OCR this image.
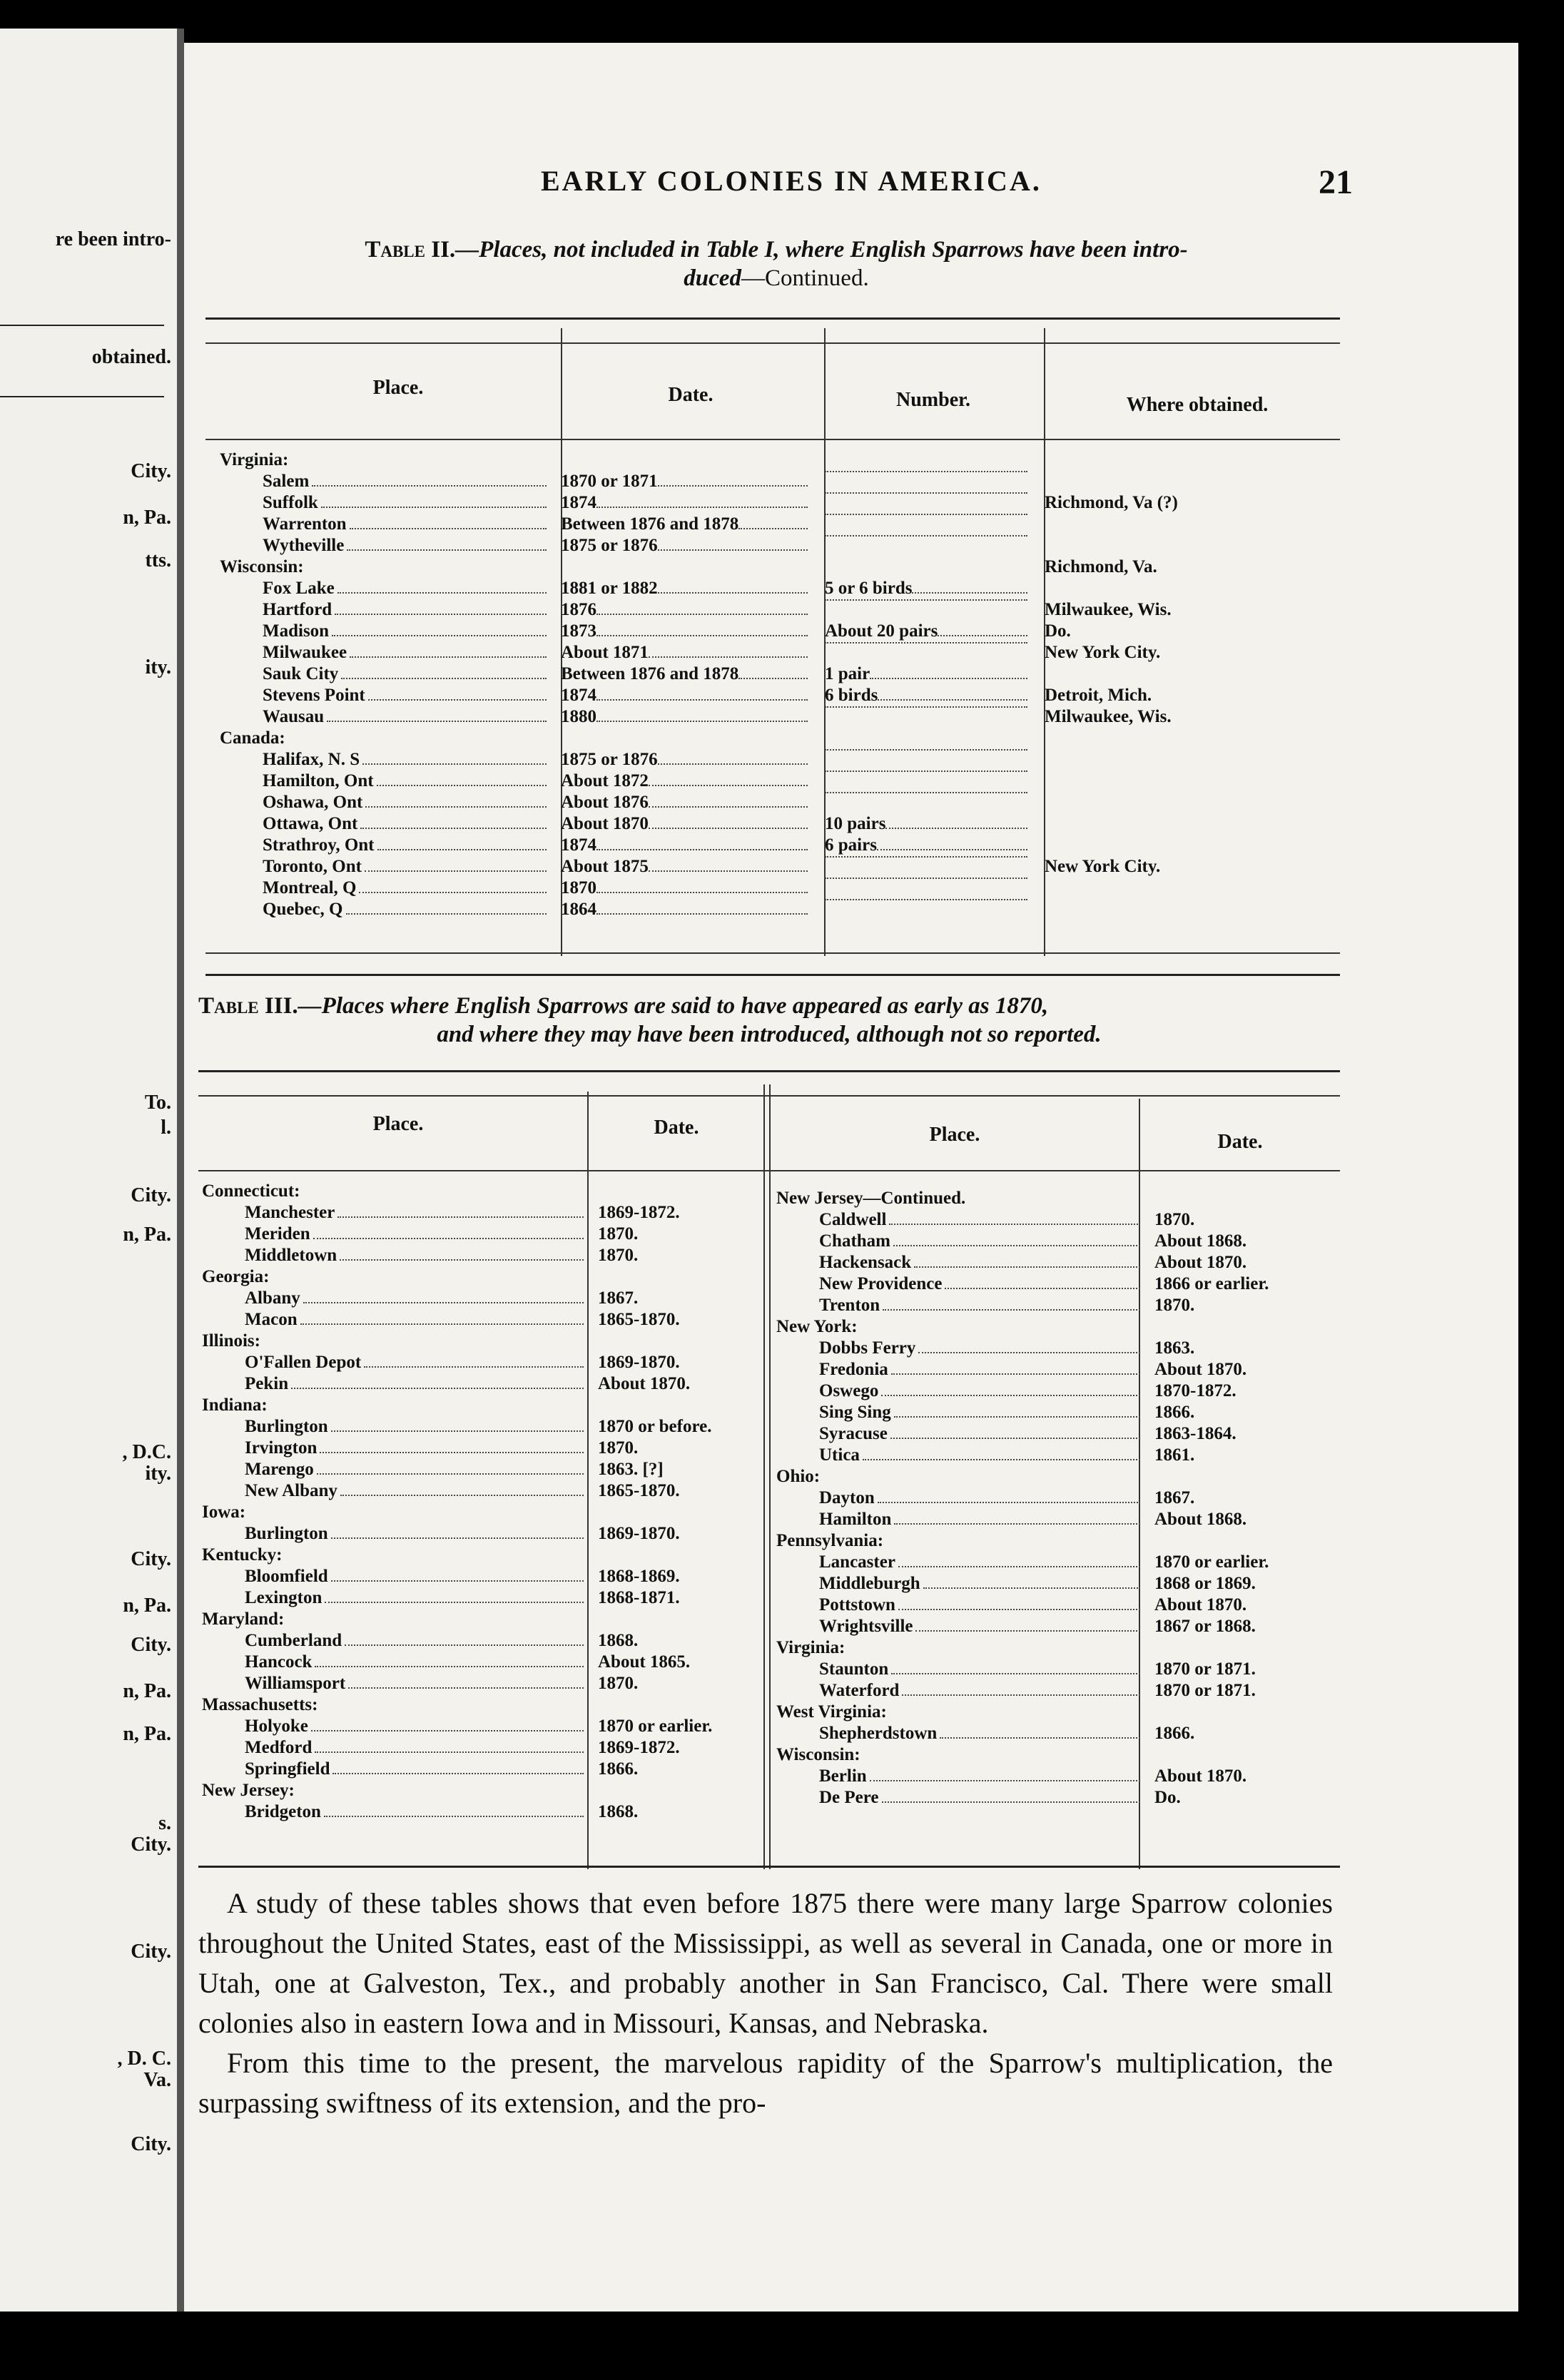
re been intro-
obtained.
City.
n, Pa.
tts.
ity.
To.
l.
City.
n, Pa.
, D.C.
ity.
City.
n, Pa.
City.
n, Pa.
n, Pa.
s.
City.
City.
, D. C.
Va.
City.
EARLY COLONIES IN AMERICA.	21
Table II.—Places, not included in Table I, where English Sparrows have been intro-
duced—Continued.
Place.	Date.	Number.	Where obtained.
Virginia:			

Salem	1870 or 1871		

Suffolk	1874		Richmond, Va (?)

Warrenton	Between 1876 and 1878		

Wytheville	1875 or 1876		

Wisconsin:			Richmond, Va.

Fox Lake	1881 or 1882	5 or 6 birds	

Hartford	1876		Milwaukee, Wis.

Madison	1873	About 20 pairs	Do.

Milwaukee	About 1871		New York City.

Sauk City	Between 1876 and 1878	1 pair	

Stevens Point	1874	6 birds	Detroit, Mich.

Wausau	1880		Milwaukee, Wis.

Canada:			

Halifax, N. S	1875 or 1876		

Hamilton, Ont	About 1872		

Oshawa, Ont	About 1876		

Ottawa, Ont	About 1870	10 pairs	

Strathroy, Ont	1874	6 pairs	

Toronto, Ont	About 1875		New York City.

Montreal, Q	1870		

Quebec, Q	1864		

Table III.—Places where English Sparrows are said to have appeared as early as 1870,
and where they may have been introduced, although not so reported.
Place.	Date.	Place.	Date.
Connecticut:	

Manchester	1869-1872.

Meriden	1870.

Middletown	1870.

Georgia:	

Albany	1867.

Macon	1865-1870.

Illinois:	

O'Fallen Depot	1869-1870.

Pekin	About 1870.

Indiana:	

Burlington	1870 or before.

Irvington	1870.

Marengo	1863. [?]

New Albany	1865-1870.

Iowa:	

Burlington	1869-1870.

Kentucky:	

Bloomfield	1868-1869.

Lexington	1868-1871.

Maryland:	

Cumberland	1868.

Hancock	About 1865.

Williamsport	1870.

Massachusetts:	

Holyoke	1870 or earlier.

Medford	1869-1872.

Springfield	1866.

New Jersey:	

Bridgeton	1868.
New Jersey—Continued.	

Caldwell	1870.

Chatham	About 1868.

Hackensack	About 1870.

New Providence	1866 or earlier.

Trenton	1870.

New York:	

Dobbs Ferry	1863.

Fredonia	About 1870.

Oswego	1870-1872.

Sing Sing	1866.

Syracuse	1863-1864.

Utica	1861.

Ohio:	

Dayton	1867.

Hamilton	About 1868.

Pennsylvania:	

Lancaster	1870 or earlier.

Middleburgh	1868 or 1869.

Pottstown	About 1870.

Wrightsville	1867 or 1868.

Virginia:	

Staunton	1870 or 1871.

Waterford	1870 or 1871.

West Virginia:	

Shepherdstown	1866.

Wisconsin:	

Berlin	About 1870.

De Pere	Do.

A study of these tables shows that even before 1875 there were many large Sparrow colonies throughout the United States, east of the Mississippi, as well as several in Canada, one or more in Utah, one at Galveston, Tex., and probably another in San Francisco, Cal. There were small colonies also in eastern Iowa and in Missouri, Kansas, and Nebraska.

From this time to the present, the marvelous rapidity of the Sparrow's multiplication, the surpassing swiftness of its extension, and the pro-
